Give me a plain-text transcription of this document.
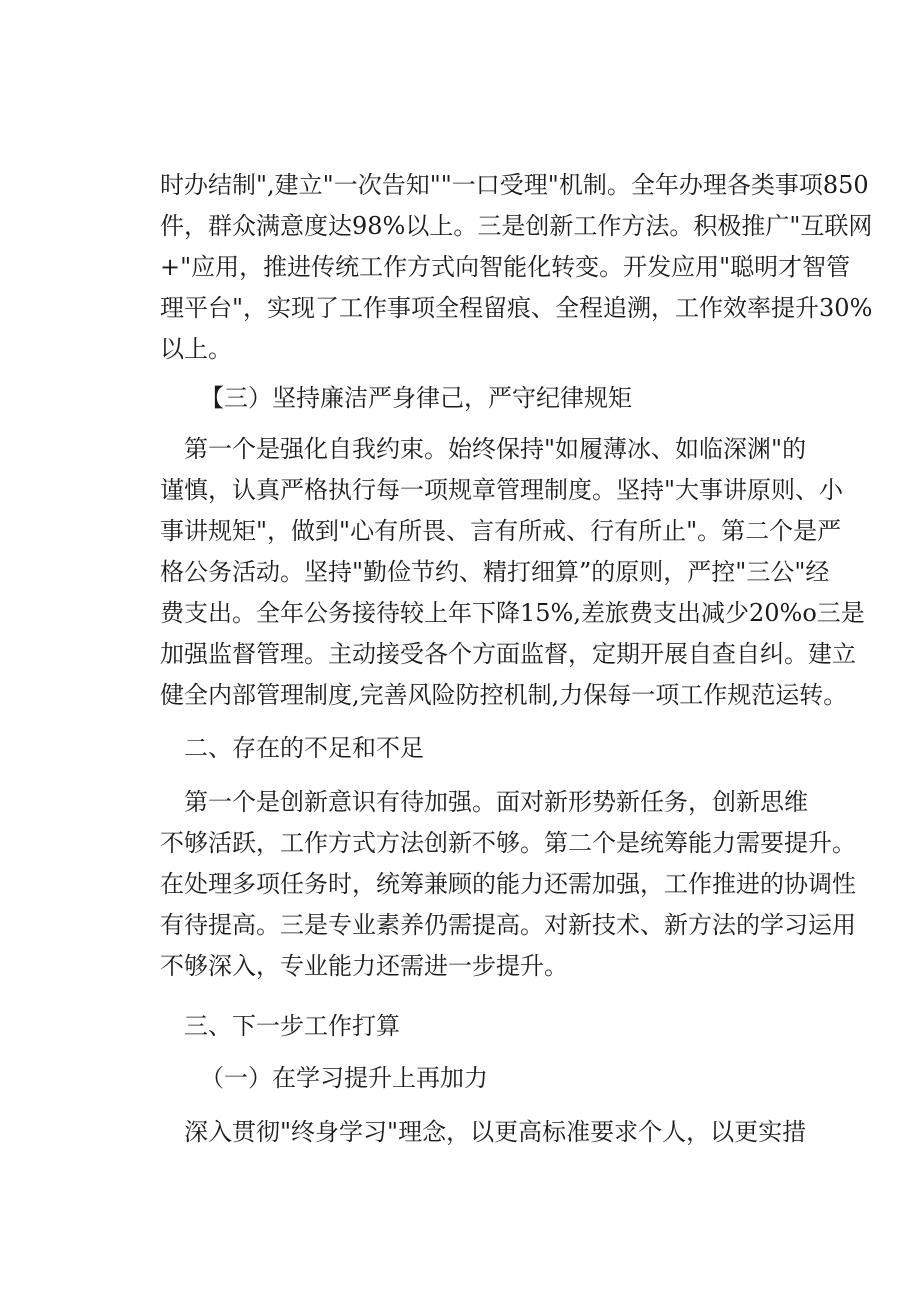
时办结制",建立"一次告知""一口受理"机制。全年办理各类事项850
件，群众满意度达98%以上。三是创新工作方法。积极推广"互联网
+"应用，推进传统工作方式向智能化转变。开发应用"聪明才智管
理平台"，实现了工作事项全程留痕、全程追溯，工作效率提升30%
以上。
【三）坚持廉洁严身律己，严守纪律规矩
第一个是强化自我约束。始终保持"如履薄冰、如临深渊"的
谨慎，认真严格执行每一项规章管理制度。坚持"大事讲原则、小
事讲规矩"，做到"心有所畏、言有所戒、行有所止"。第二个是严
格公务活动。坚持"勤俭节约、精打细算”的原则，严控"三公"经
费支出。全年公务接待较上年下降15%,差旅费支出减少20%o三是
加强监督管理。主动接受各个方面监督，定期开展自查自纠。建立
健全内部管理制度,完善风险防控机制,力保每一项工作规范运转。
二、存在的不足和不足
第一个是创新意识有待加强。面对新形势新任务，创新思维
不够活跃，工作方式方法创新不够。第二个是统筹能力需要提升。
在处理多项任务时，统筹兼顾的能力还需加强，工作推进的协调性
有待提高。三是专业素养仍需提高。对新技术、新方法的学习运用
不够深入，专业能力还需进一步提升。
三、下一步工作打算
（一）在学习提升上再加力
深入贯彻"终身学习"理念，以更高标准要求个人，以更实措
